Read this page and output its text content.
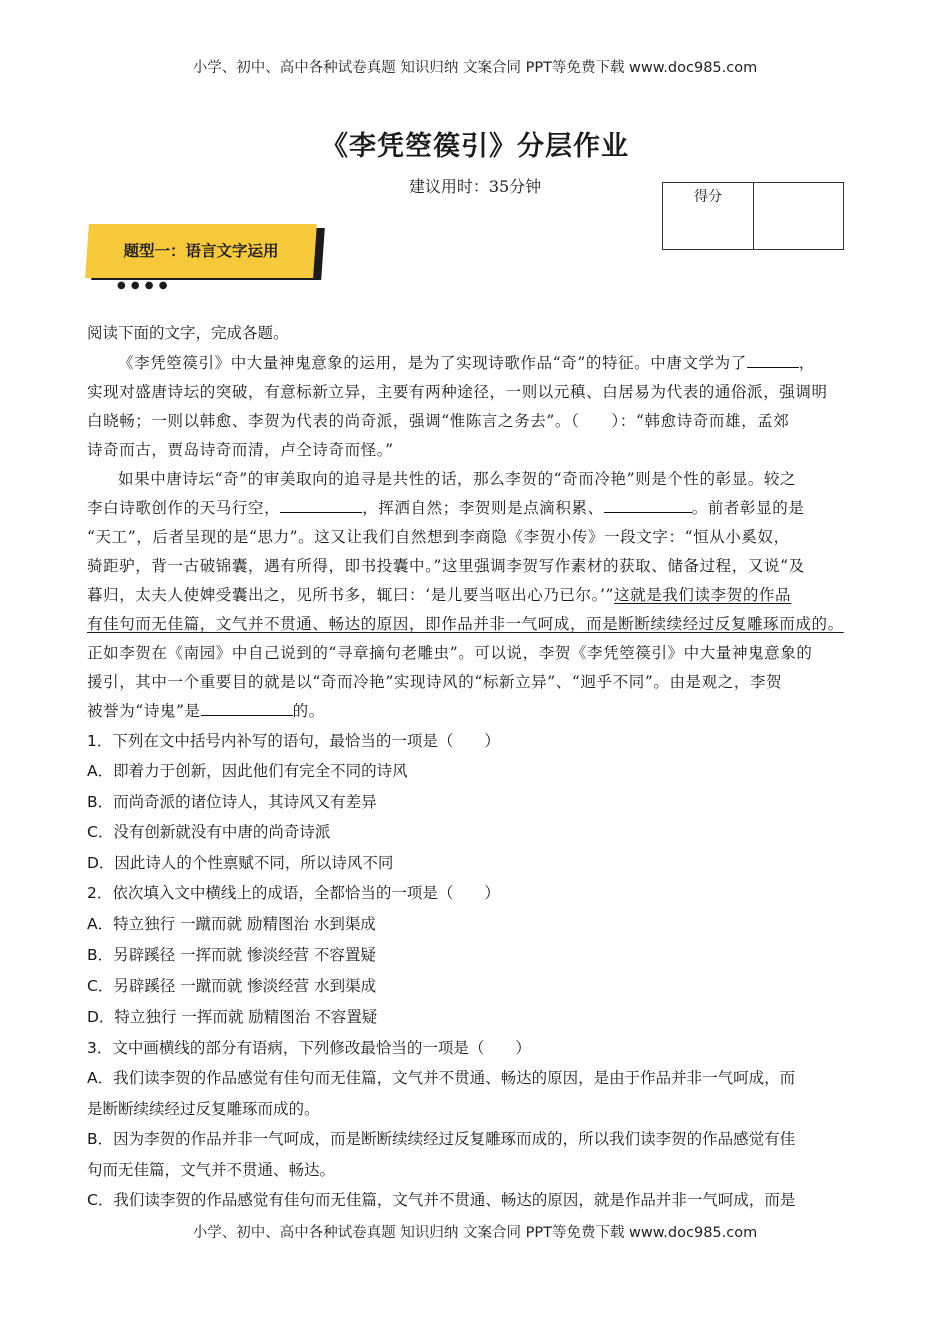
小学、初中、高中各种试卷真题 知识归纳 文案合同 PPT等免费下载 www.doc985.com
《李凭箜篌引》分层作业
建议用时：35分钟
得分
题型一：语言文字运用
● ● ● ●
阅读下面的文字，完成各题。
《李凭箜篌引》中大量神鬼意象的运用，是为了实现诗歌作品“奇”的特征。中唐文学为了	，
实现对盛唐诗坛的突破，有意标新立异，主要有两种途径，一则以元稹、白居易为代表的通俗派，强调明
白晓畅；一则以韩愈、李贺为代表的尚奇派，强调“惟陈言之务去”。（　　）：“韩愈诗奇而雄，孟郊
诗奇而古，贾岛诗奇而清，卢仝诗奇而怪。”
如果中唐诗坛“奇”的审美取向的追寻是共性的话，那么李贺的“奇而冷艳”则是个性的彰显。较之
李白诗歌创作的天马行空，	，挥洒自然；李贺则是点滴积累、	。前者彰显的是
“天工”，后者呈现的是“思力”。这又让我们自然想到李商隐《李贺小传》一段文字：“恒从小奚奴，
骑距驴，背一古破锦囊，遇有所得，即书投囊中。”这里强调李贺写作素材的获取、储备过程，又说“及
暮归，太夫人使婢受囊出之，见所书多，辄曰：‘是儿要当呕出心乃已尔。’”这就是我们读李贺的作品
有佳句而无佳篇，文气并不贯通、畅达的原因，即作品并非一气呵成，而是断断续续经过反复雕琢而成的。
正如李贺在《南园》中自己说到的“寻章摘句老雕虫”。可以说，李贺《李凭箜篌引》中大量神鬼意象的
援引，其中一个重要目的就是以“奇而冷艳”实现诗风的“标新立异”、“迥乎不同”。由是观之，李贺
被誉为“诗鬼”是	的。
1．下列在文中括号内补写的语句，最恰当的一项是（　　）
A．即着力于创新，因此他们有完全不同的诗风
B．而尚奇派的诸位诗人，其诗风又有差异
C．没有创新就没有中唐的尚奇诗派
D．因此诗人的个性禀赋不同，所以诗风不同
2．依次填入文中横线上的成语，全都恰当的一项是（　　）
A．特立独行 一蹴而就 励精图治 水到渠成
B．另辟蹊径 一挥而就 惨淡经营 不容置疑
C．另辟蹊径 一蹴而就 惨淡经营 水到渠成
D．特立独行 一挥而就 励精图治 不容置疑
3．文中画横线的部分有语病，下列修改最恰当的一项是（　　）
A．我们读李贺的作品感觉有佳句而无佳篇，文气并不贯通、畅达的原因，是由于作品并非一气呵成，而
是断断续续经过反复雕琢而成的。
B．因为李贺的作品并非一气呵成，而是断断续续经过反复雕琢而成的，所以我们读李贺的作品感觉有佳
句而无佳篇，文气并不贯通、畅达。
C．我们读李贺的作品感觉有佳句而无佳篇，文气并不贯通、畅达的原因，就是作品并非一气呵成，而是
小学、初中、高中各种试卷真题 知识归纳 文案合同 PPT等免费下载 www.doc985.com
